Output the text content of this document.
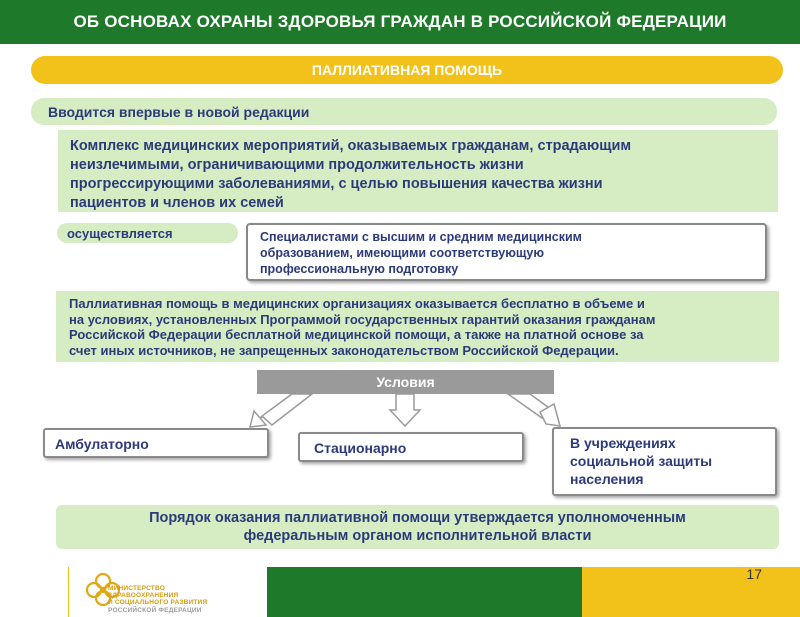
ОБ ОСНОВАХ ОХРАНЫ ЗДОРОВЬЯ ГРАЖДАН В РОССИЙСКОЙ ФЕДЕРАЦИИ
ПАЛЛИАТИВНАЯ ПОМОЩЬ
Вводится впервые в новой редакции
Комплекс медицинских мероприятий, оказываемых гражданам, страдающим
неизлечимыми, ограничивающими продолжительность жизни
прогрессирующими заболеваниями, с целью повышения качества жизни
пациентов и членов их семей
осуществляется	Специалистами с высшим и средним медицинским
образованием, имеющими соответствующую
профессиональную подготовку
Паллиативная помощь в медицинских организациях оказывается бесплатно в объеме и
на условиях, установленных Программой государственных гарантий оказания гражданам
Российской Федерации бесплатной медицинской помощи, а также на платной основе за
счет иных источников, не запрещенных законодательством Российской Федерации.
Условия
Амбулаторно	Стационарно	В учреждениях
социальной защиты
населения
Порядок оказания паллиативной помощи утверждается уполномоченным
федеральным органом исполнительной власти
МИНИСТЕРСТВО
ЗДРАВООХРАНЕНИЯ
И СОЦИАЛЬНОГО РАЗВИТИЯ
РОССИЙСКОЙ ФЕДЕРАЦИИ
17
